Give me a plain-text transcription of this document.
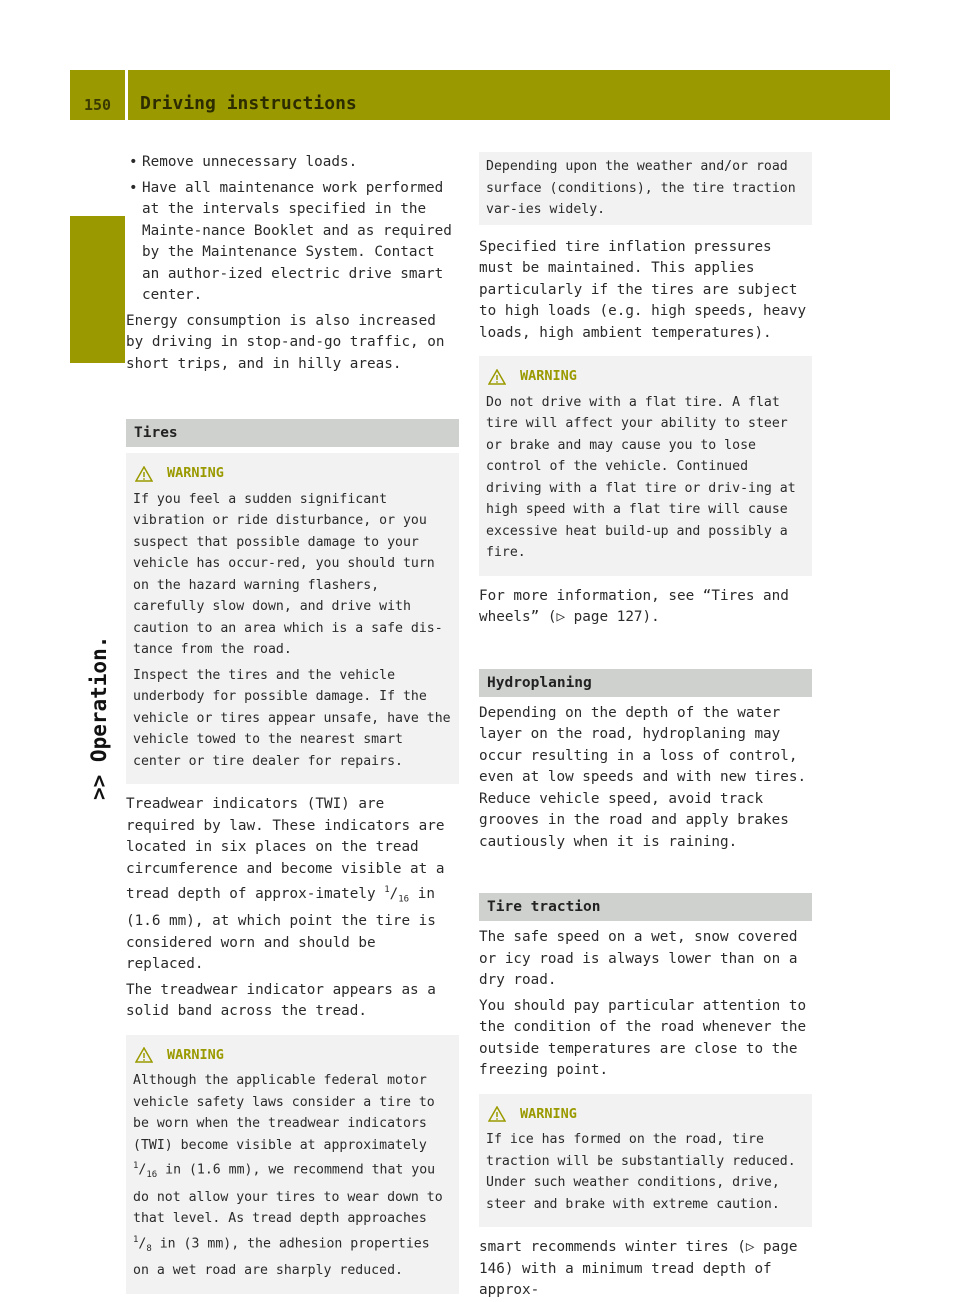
150	Driving instructions
>> Operation.
• Remove unnecessary loads.
• Have all maintenance work performed at the intervals specified in the Mainte-nance Booklet and as required by the Maintenance System. Contact an author-ized electric drive smart center.

Energy consumption is also increased by driving in stop-and-go traffic, on short trips, and in hilly areas.

Tires
WARNING

If you feel a sudden significant vibration or ride disturbance, or you suspect that possible damage to your vehicle has occur-red, you should turn on the hazard warning flashers, carefully slow down, and drive with caution to an area which is a safe dis-tance from the road.

Inspect the tires and the vehicle underbody for possible damage. If the vehicle or tires appear unsafe, have the vehicle towed to the nearest smart center or tire dealer for repairs.

Treadwear indicators (TWI) are required by law. These indicators are located in six places on the tread circumference and become visible at a tread depth of approx-imately $^1/_{16}$ in (1.6 mm), at which point the tire is considered worn and should be replaced.

The treadwear indicator appears as a solid band across the tread.

WARNING

Although the applicable federal motor vehicle safety laws consider a tire to be worn when the treadwear indicators (TWI) become visible at approximately $^1/_{16}$ in (1.6 mm), we recommend that you do not allow your tires to wear down to that level. As tread depth approaches $^1/_8$ in (3 mm), the adhesion properties on a wet road are sharply reduced.

Depending upon the weather and/or road surface (conditions), the tire traction var-ies widely.

Specified tire inflation pressures must be maintained. This applies particularly if the tires are subject to high loads (e.g. high speeds, heavy loads, high ambient temperatures).

WARNING

Do not drive with a flat tire. A flat tire will affect your ability to steer or brake and may cause you to lose control of the vehicle. Continued driving with a flat tire or driv-ing at high speed with a flat tire will cause excessive heat build-up and possibly a fire.

For more information, see “Tires and wheels” (▷ page 127).

Hydroplaning

Depending on the depth of the water layer on the road, hydroplaning may occur resulting in a loss of control, even at low speeds and with new tires. Reduce vehicle speed, avoid track grooves in the road and apply brakes cautiously when it is raining.

Tire traction

The safe speed on a wet, snow covered or icy road is always lower than on a dry road.

You should pay particular attention to the condition of the road whenever the outside temperatures are close to the freezing point.

WARNING

If ice has formed on the road, tire traction will be substantially reduced. Under such weather conditions, drive, steer and brake with extreme caution.

smart recommends winter tires (▷ page 146) with a minimum tread depth of approx-
